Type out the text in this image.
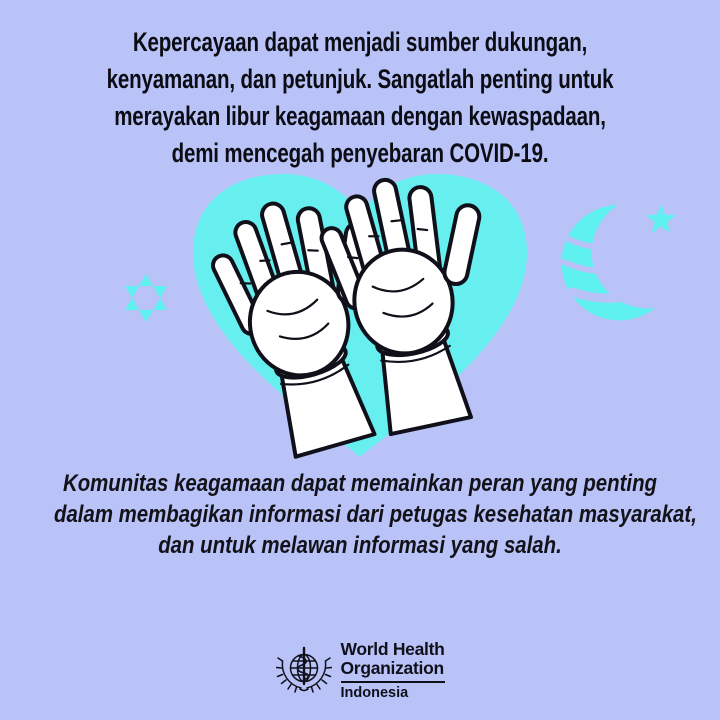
Kepercayaan dapat menjadi sumber dukungan,
kenyamanan, dan petunjuk. Sangatlah penting untuk
merayakan libur keagamaan dengan kewaspadaan,
demi mencegah penyebaran COVID-19.
Komunitas keagamaan dapat memainkan peran yang penting
dalam membagikan informasi dari petugas kesehatan masyarakat,
dan untuk melawan informasi yang salah.
World Health
Organization
Indonesia
